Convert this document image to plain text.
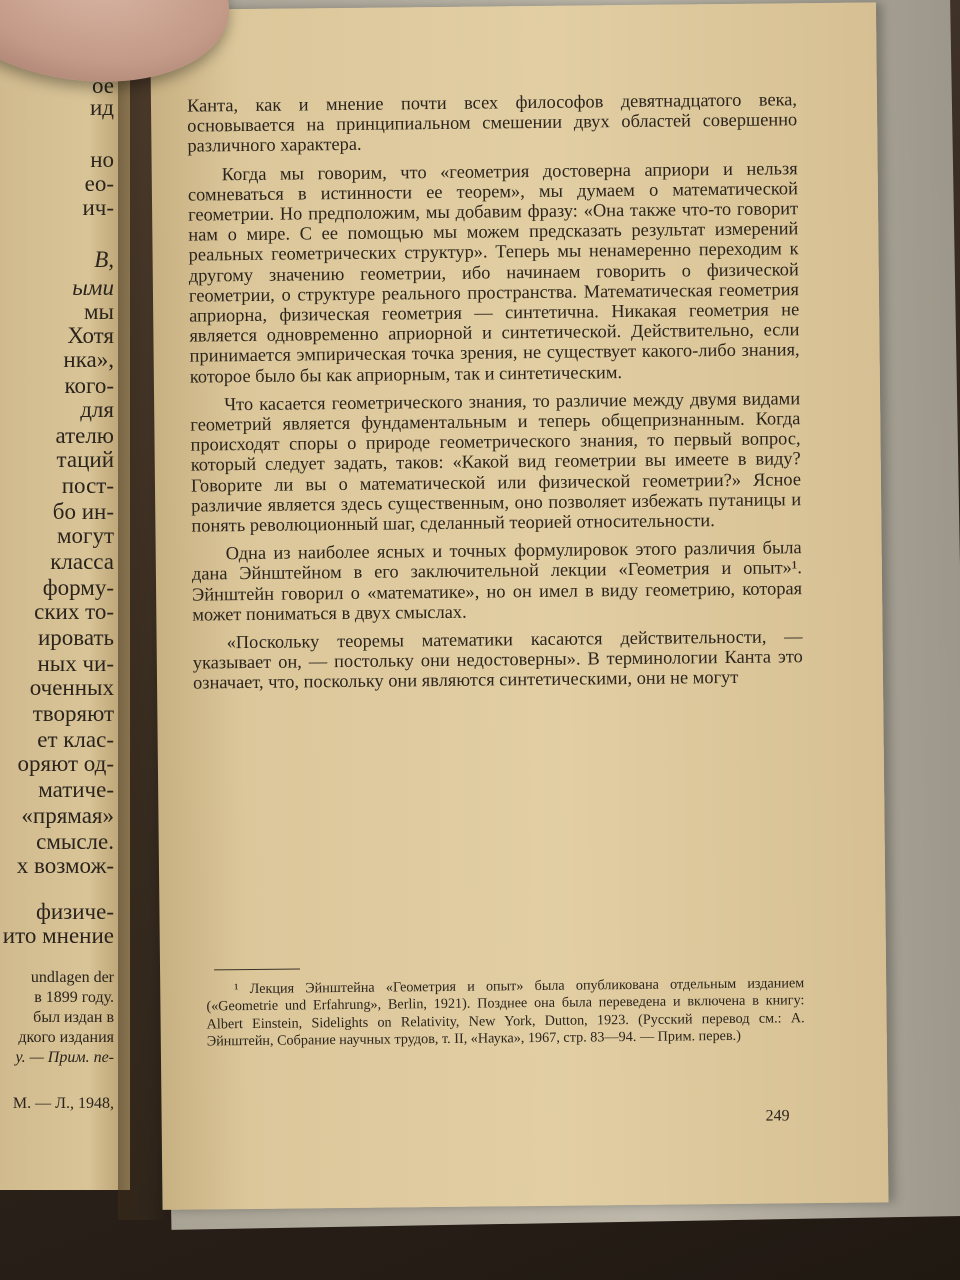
ое
ид
но
ео-
ич-
В,
ыми
мы
Хотя
нка»,
кого-
для
ателю
таций
пост-
бо ин-
могут
класса
форму-
ских то-
ировать
ных чи-
оченных
творяют
ет клас-
оряют од-
матиче-
«прямая»
смысле.
х возмож-
физиче-
ито мнение
undlagen der
в 1899 году.
был издан в
дкого издания
у. — Прим. пе-
М. — Л., 1948,

Канта, как и мнение почти всех философов девятнадцатого века, основывается на принципиальном смешении двух областей совершенно различного характера.

Когда мы говорим, что «геометрия достоверна априори и нельзя сомневаться в истинности ее теорем», мы думаем о математической геометрии. Но предположим, мы добавим фразу: «Она также что-то говорит нам о мире. С ее помощью мы можем предсказать результат измерений реальных геометрических структур». Теперь мы ненамеренно переходим к другому значению геометрии, ибо начинаем говорить о физической геометрии, о структуре реального пространства. Математическая геометрия априорна, физическая геометрия — синтетична. Никакая геометрия не является одновременно априорной и синтетической. Действительно, если принимается эмпирическая точка зрения, не существует какого-либо знания, которое было бы как априорным, так и синтетическим.

Что касается геометрического знания, то различие между двумя видами геометрий является фундаментальным и теперь общепризнанным. Когда происходят споры о природе геометрического знания, то первый вопрос, который следует задать, таков: «Какой вид геометрии вы имеете в виду? Говорите ли вы о математической или физической геометрии?» Ясное различие является здесь существенным, оно позволяет избежать путаницы и понять революционный шаг, сделанный теорией относительности.

Одна из наиболее ясных и точных формулировок этого различия была дана Эйнштейном в его заключительной лекции «Геометрия и опыт»¹. Эйнштейн говорил о «математике», но он имел в виду геометрию, которая может пониматься в двух смыслах.

«Поскольку теоремы математики касаются действительности, — указывает он, — постольку они недостоверны». В терминологии Канта это означает, что, поскольку они являются синтетическими, они не могут

¹ Лекция Эйнштейна «Геометрия и опыт» была опубликована отдельным изданием («Geometrie und Erfahrung», Berlin, 1921). Позднее она была переведена и включена в книгу: Albert Einstein, Sidelights on Relativity, New York, Dutton, 1923. (Русский перевод см.: А. Эйнштейн, Собрание научных трудов, т. II, «Наука», 1967, стр. 83—94. — Прим. перев.)

249
